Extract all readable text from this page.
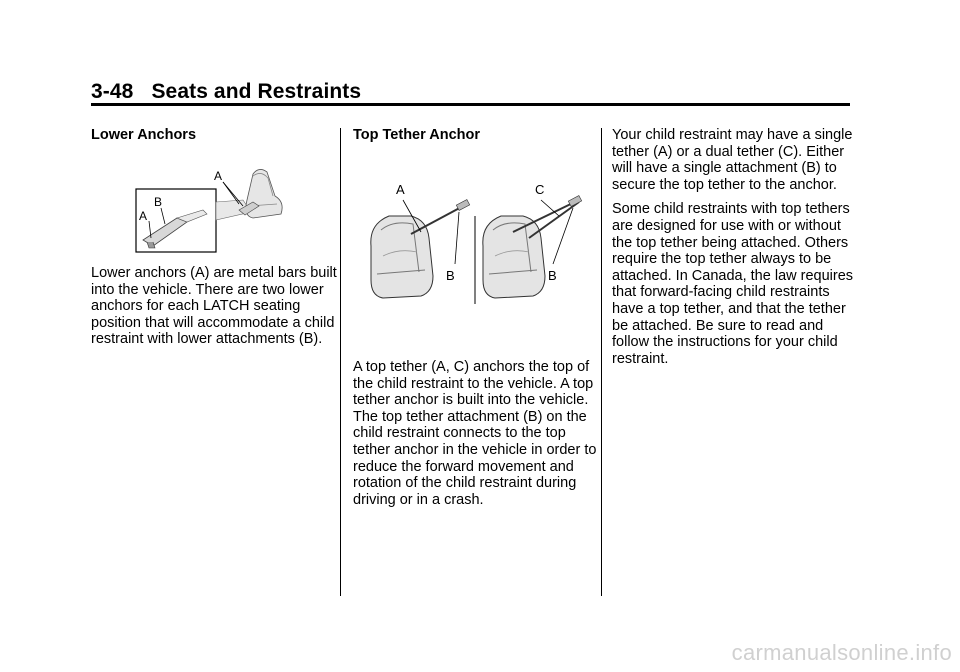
3-48 Seats and Restraints

Lower Anchors

Lower anchors (A) are metal bars built into the vehicle. There are two lower anchors for each LATCH seating position that will accommodate a child restraint with lower attachments (B).
A
B
A

Top Tether Anchor

A top tether (A, C) anchors the top of the child restraint to the vehicle. A top tether anchor is built into the vehicle. The top tether attachment (B) on the child restraint connects to the top tether anchor in the vehicle in order to reduce the forward movement and rotation of the child restraint during driving or in a crash.
A	C
B	B

Your child restraint may have a single tether (A) or a dual tether (C). Either will have a single attachment (B) to secure the top tether to the anchor.

Some child restraints with top tethers are designed for use with or without the top tether being attached. Others require the top tether always to be attached. In Canada, the law requires that forward-facing child restraints have a top tether, and that the tether be attached. Be sure to read and follow the instructions for your child restraint.

carmanualsonline.info
